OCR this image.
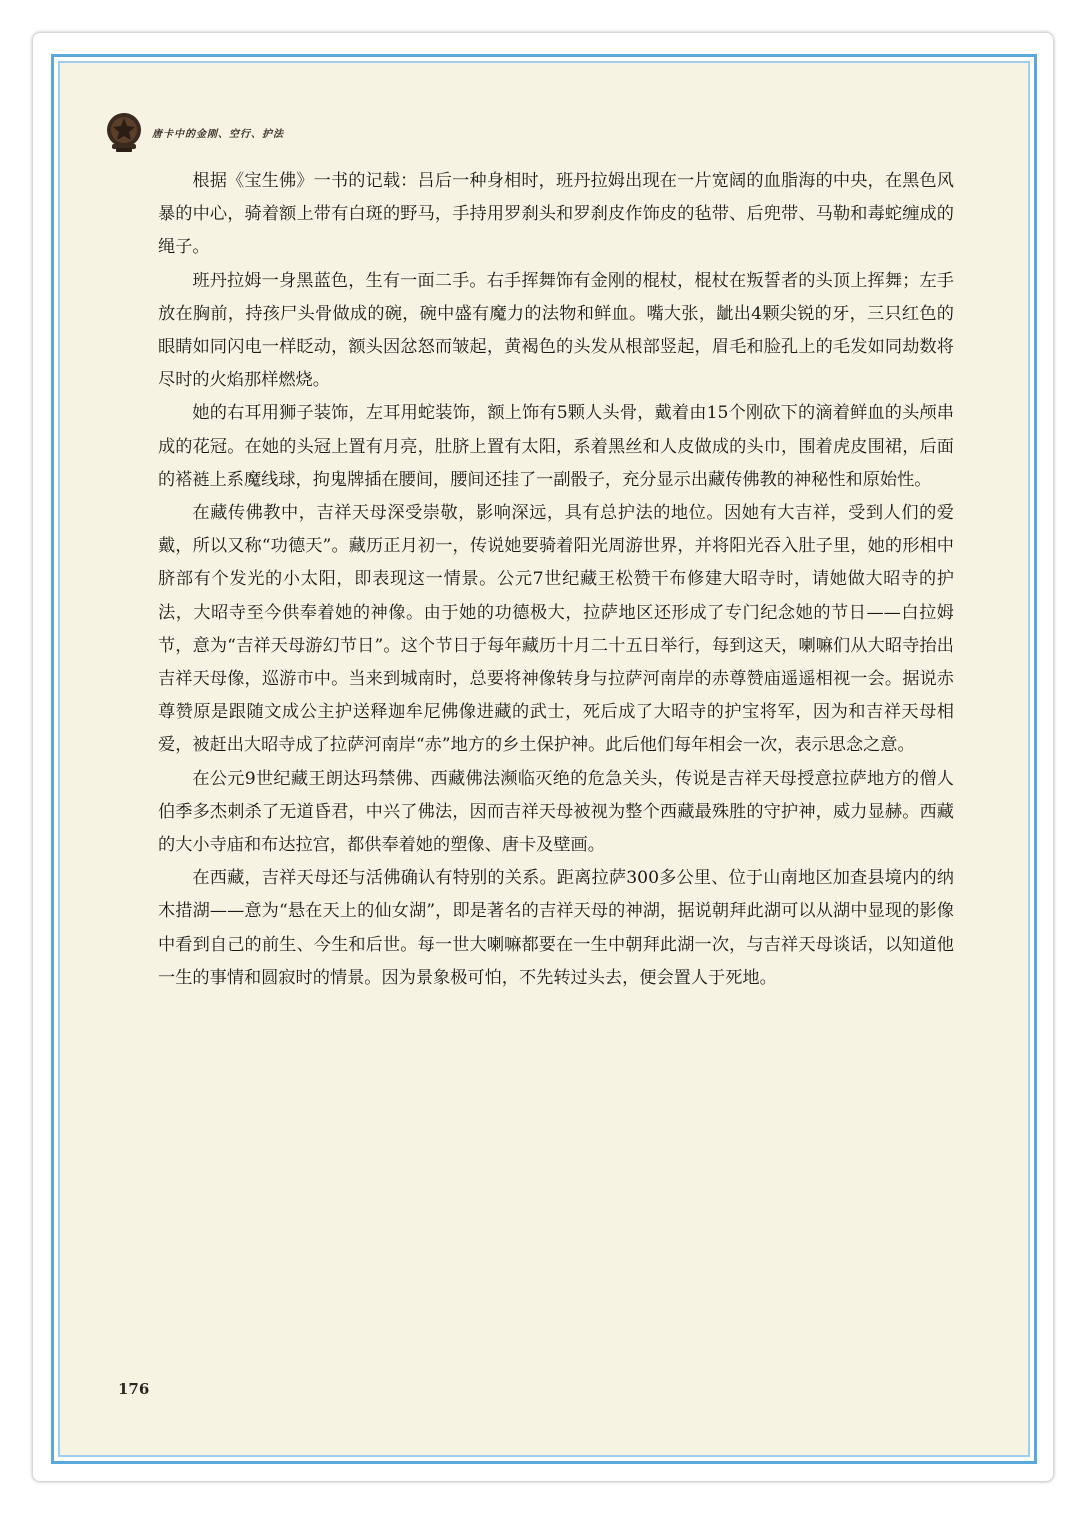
唐卡中的金刚、空行、护法

根据《宝生佛》一书的记载：吕后一种身相时，班丹拉姆出现在一片宽阔的血脂海的中央，在黑色风暴的中心，骑着额上带有白斑的野马，手持用罗刹头和罗刹皮作饰皮的毡带、后兜带、马勒和毒蛇缠成的绳子。

班丹拉姆一身黑蓝色，生有一面二手。右手挥舞饰有金刚的棍杖，棍杖在叛誓者的头顶上挥舞；左手放在胸前，持孩尸头骨做成的碗，碗中盛有魔力的法物和鲜血。嘴大张，龇出4颗尖锐的牙，三只红色的眼睛如同闪电一样眨动，额头因忿怒而皱起，黄褐色的头发从根部竖起，眉毛和脸孔上的毛发如同劫数将尽时的火焰那样燃烧。

她的右耳用狮子装饰，左耳用蛇装饰，额上饰有5颗人头骨，戴着由15个刚砍下的滴着鲜血的头颅串成的花冠。在她的头冠上置有月亮，肚脐上置有太阳，系着黑丝和人皮做成的头巾，围着虎皮围裙，后面的褡裢上系魔线球，拘鬼牌插在腰间，腰间还挂了一副骰子，充分显示出藏传佛教的神秘性和原始性。

在藏传佛教中，吉祥天母深受崇敬，影响深远，具有总护法的地位。因她有大吉祥，受到人们的爱戴，所以又称“功德天”。藏历正月初一，传说她要骑着阳光周游世界，并将阳光吞入肚子里，她的形相中脐部有个发光的小太阳，即表现这一情景。公元7世纪藏王松赞干布修建大昭寺时，请她做大昭寺的护法，大昭寺至今供奉着她的神像。由于她的功德极大，拉萨地区还形成了专门纪念她的节日——白拉姆节，意为“吉祥天母游幻节日”。这个节日于每年藏历十月二十五日举行，每到这天，喇嘛们从大昭寺抬出吉祥天母像，巡游市中。当来到城南时，总要将神像转身与拉萨河南岸的赤尊赞庙遥遥相视一会。据说赤尊赞原是跟随文成公主护送释迦牟尼佛像进藏的武士，死后成了大昭寺的护宝将军，因为和吉祥天母相爱，被赶出大昭寺成了拉萨河南岸“赤”地方的乡土保护神。此后他们每年相会一次，表示思念之意。

在公元9世纪藏王朗达玛禁佛、西藏佛法濒临灭绝的危急关头，传说是吉祥天母授意拉萨地方的僧人伯季多杰刺杀了无道昏君，中兴了佛法，因而吉祥天母被视为整个西藏最殊胜的守护神，威力显赫。西藏的大小寺庙和布达拉宫，都供奉着她的塑像、唐卡及壁画。

在西藏，吉祥天母还与活佛确认有特别的关系。距离拉萨300多公里、位于山南地区加查县境内的纳木措湖——意为“悬在天上的仙女湖”，即是著名的吉祥天母的神湖，据说朝拜此湖可以从湖中显现的影像中看到自己的前生、今生和后世。每一世大喇嘛都要在一生中朝拜此湖一次，与吉祥天母谈话，以知道他一生的事情和圆寂时的情景。因为景象极可怕，不先转过头去，便会置人于死地。

176
